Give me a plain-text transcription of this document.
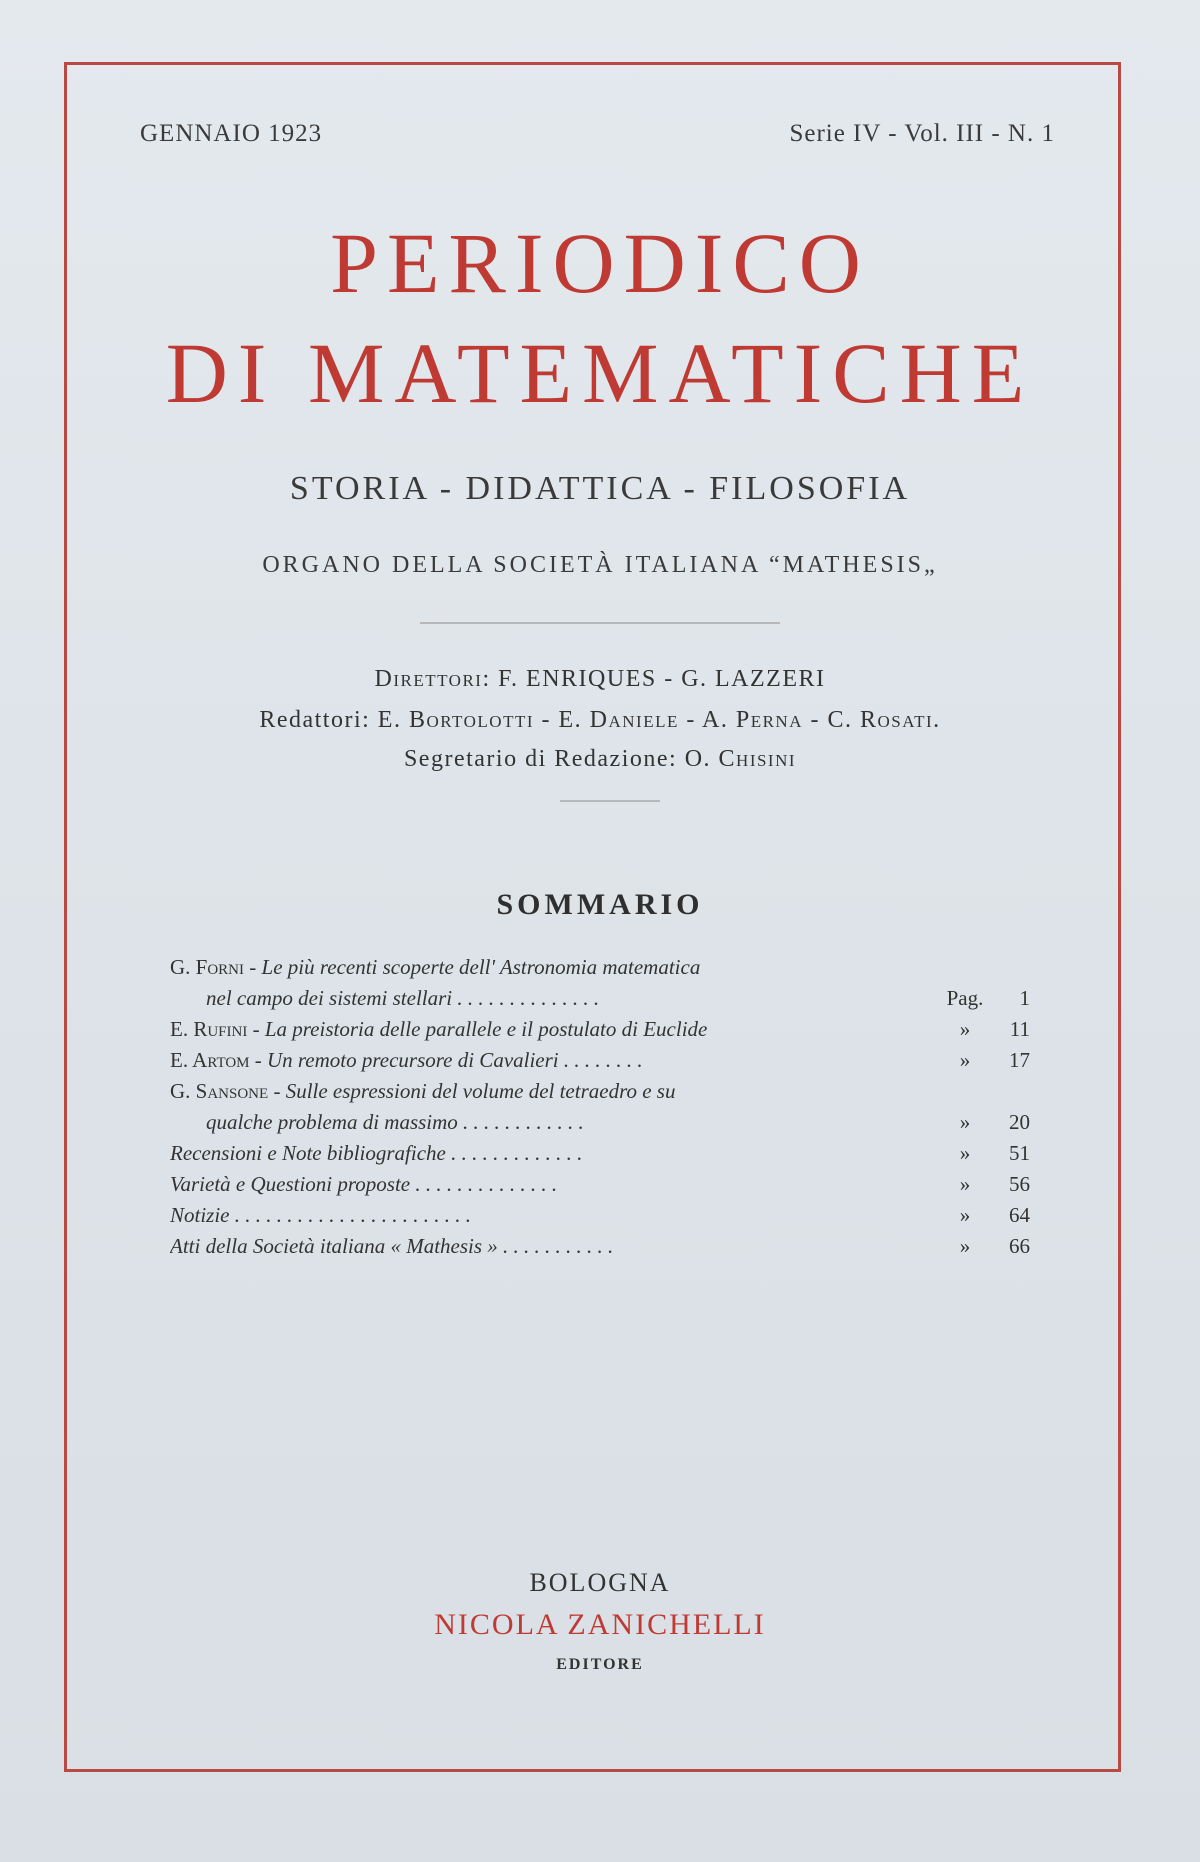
GENNAIO 1923	Serie IV - Vol. III - N. 1
PERIODICO
DI MATEMATICHE
STORIA - DIDATTICA - FILOSOFIA
ORGANO DELLA SOCIETÀ ITALIANA “MATHESIS„
Direttori: F. ENRIQUES - G. LAZZERI
Redattori: E. Bortolotti - E. Daniele - A. Perna - C. Rosati.
Segretario di Redazione: O. Chisini
SOMMARIO
G. Forni - Le più recenti scoperte dell' Astronomia matematica
nel campo dei sistemi stellari . . . . . . . . . . . . . .	Pag.	1
E. Rufini - La preistoria delle parallele e il postulato di Euclide	»	11
E. Artom - Un remoto precursore di Cavalieri . . . . . . . .	»	17
G. Sansone - Sulle espressioni del volume del tetraedro e su
qualche problema di massimo . . . . . . . . . . . .	»	20
Recensioni e Note bibliografiche . . . . . . . . . . . . .	»	51
Varietà e Questioni proposte . . . . . . . . . . . . . .	»	56
Notizie . . . . . . . . . . . . . . . . . . . . . . .	»	64
Atti della Società italiana « Mathesis » . . . . . . . . . . .	»	66
BOLOGNA
NICOLA ZANICHELLI
EDITORE
